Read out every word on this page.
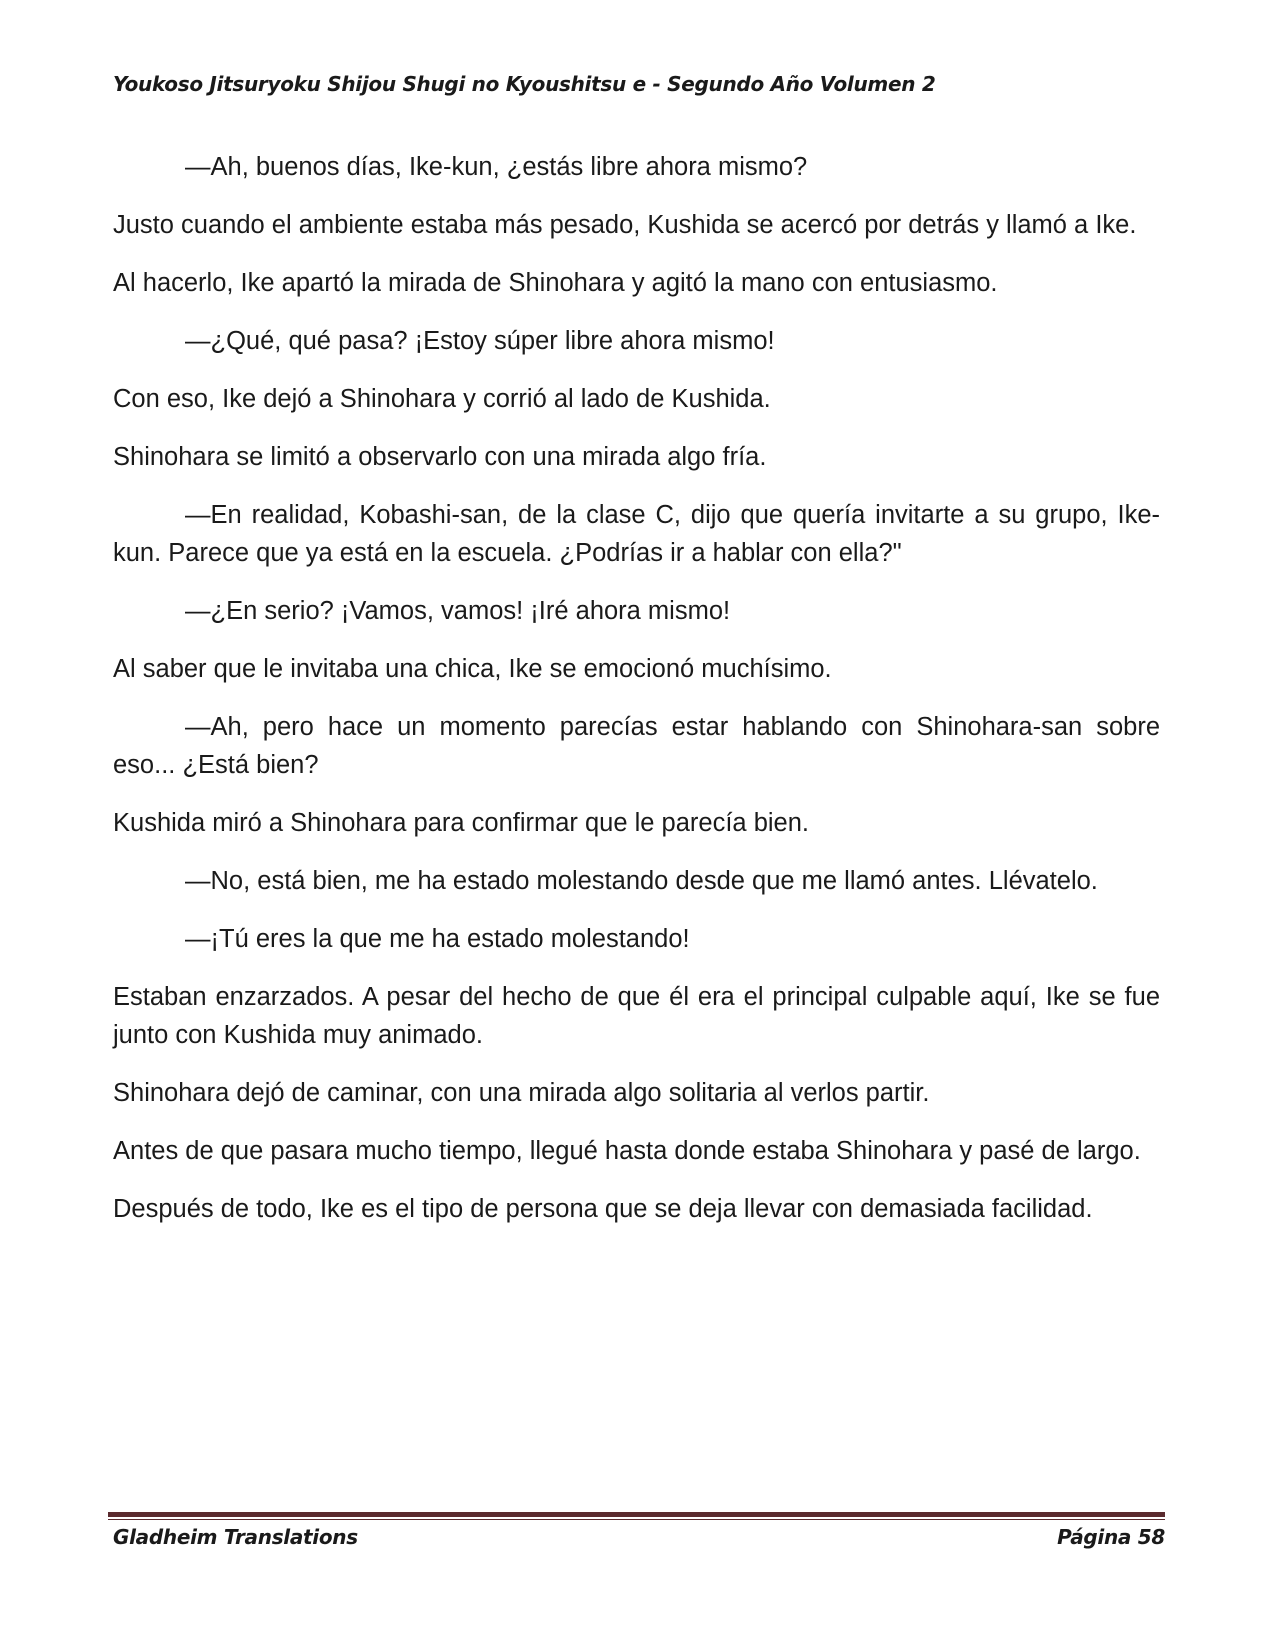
Youkoso Jitsuryoku Shijou Shugi no Kyoushitsu e - Segundo Año Volumen 2

—Ah, buenos días, Ike-kun, ¿estás libre ahora mismo?

Justo cuando el ambiente estaba más pesado, Kushida se acercó por detrás y llamó a Ike.

Al hacerlo, Ike apartó la mirada de Shinohara y agitó la mano con entusiasmo.

—¿Qué, qué pasa? ¡Estoy súper libre ahora mismo!

Con eso, Ike dejó a Shinohara y corrió al lado de Kushida.

Shinohara se limitó a observarlo con una mirada algo fría.

—En realidad, Kobashi-san, de la clase C, dijo que quería invitarte a su grupo, Ike-kun. Parece que ya está en la escuela. ¿Podrías ir a hablar con ella?"

—¿En serio? ¡Vamos, vamos! ¡Iré ahora mismo!

Al saber que le invitaba una chica, Ike se emocionó muchísimo.

—Ah, pero hace un momento parecías estar hablando con Shinohara-san sobre eso... ¿Está bien?

Kushida miró a Shinohara para confirmar que le parecía bien.

—No, está bien, me ha estado molestando desde que me llamó antes. Llévatelo.

—¡Tú eres la que me ha estado molestando!

Estaban enzarzados. A pesar del hecho de que él era el principal culpable aquí, Ike se fue junto con Kushida muy animado.

Shinohara dejó de caminar, con una mirada algo solitaria al verlos partir.

Antes de que pasara mucho tiempo, llegué hasta donde estaba Shinohara y pasé de largo.

Después de todo, Ike es el tipo de persona que se deja llevar con demasiada facilidad.

Gladheim Translations	Página 58
